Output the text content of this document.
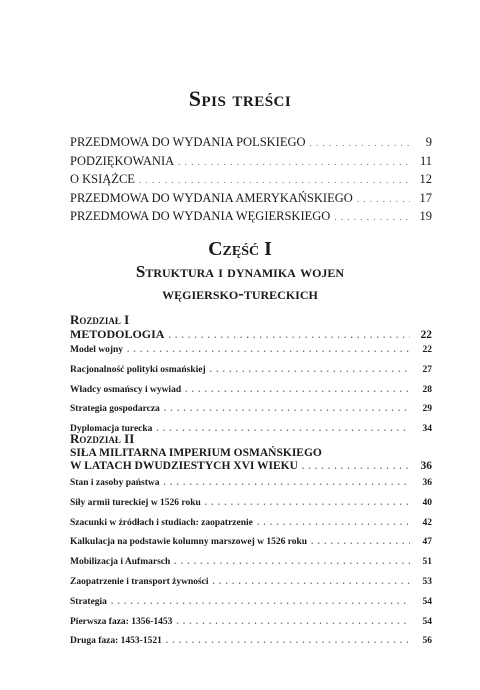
Spis treści
PRZEDMOWA DO WYDANIA POLSKIEGO . . .	9
PODZIĘKOWANIA . . .	11
O KSIĄŻCE . . .	12
PRZEDMOWA DO WYDANIA AMERYKAŃSKIEGO . . .	17
PRZEDMOWA DO WYDANIA WĘGIERSKIEGO . . .	19
Część I
Struktura i dynamika wojen
węgiersko-tureckich
Rozdział I
METODOLOGIA . . .	22
Model wojny . . .	22
Racjonalność polityki osmańskiej . . .	27
Władcy osmańscy i wywiad . . .	28
Strategia gospodarcza . . .	29
Dyplomacja turecka . . .	34
Rozdział II
SIŁA MILITARNA IMPERIUM OSMAŃSKIEGO
W LATACH DWUDZIESTYCH XVI WIEKU . . .	36
Stan i zasoby państwa . . .	36
Siły armii tureckiej w 1526 roku . . .	40
Szacunki w źródłach i studiach: zaopatrzenie . . .	42
Kalkulacja na podstawie kolumny marszowej w 1526 roku . . .	47
Mobilizacja i Aufmarsch . . .	51
Zaopatrzenie i transport żywności . . .	53
Strategia . . .	54
Pierwsza faza: 1356-1453 . . .	54
Druga faza: 1453-1521 . . .	56
